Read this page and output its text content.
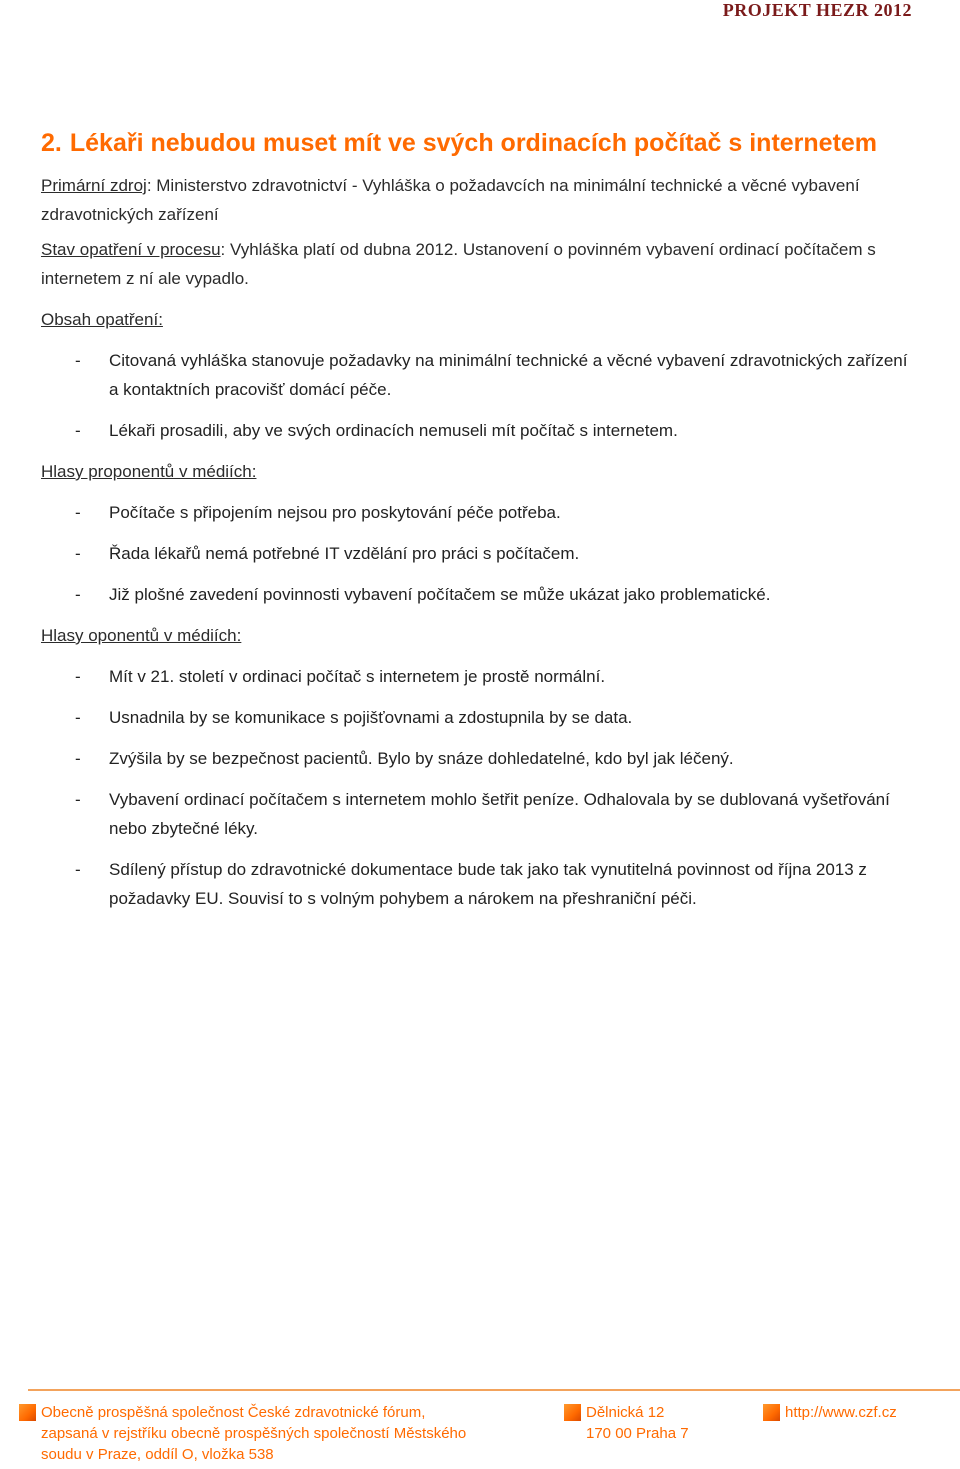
PROJEKT HEZR 2012
2. Lékaři nebudou muset mít ve svých ordinacích počítač s internetem
Primární zdroj: Ministerstvo zdravotnictví - Vyhláška o požadavcích na minimální technické a věcné vybavení zdravotnických zařízení
Stav opatření v procesu: Vyhláška platí od dubna 2012. Ustanovení o povinném vybavení ordinací počítačem s internetem z ní ale vypadlo.
Obsah opatření:
- Citovaná vyhláška stanovuje požadavky na minimální technické a věcné vybavení zdravotnických zařízení a kontaktních pracovišť domácí péče.
- Lékaři prosadili, aby ve svých ordinacích nemuseli mít počítač s internetem.
Hlasy proponentů v médiích:
- Počítače s připojením nejsou pro poskytování péče potřeba.
- Řada lékařů nemá potřebné IT vzdělání pro práci s počítačem.
- Již plošné zavedení povinnosti vybavení počítačem se může ukázat jako problematické.
Hlasy oponentů v médiích:
- Mít v 21. století v ordinaci počítač s internetem je prostě normální.
- Usnadnila by se komunikace s pojišťovnami a zdostupnila by se data.
- Zvýšila by se bezpečnost pacientů. Bylo by snáze dohledatelné, kdo byl jak léčený.
- Vybavení ordinací počítačem s internetem mohlo šetřit peníze. Odhalovala by se dublovaná vyšetřování nebo zbytečné léky.
- Sdílený přístup do zdravotnické dokumentace bude tak jako tak vynutitelná povinnost od října 2013 z požadavky EU. Souvisí to s volným pohybem a nárokem na přeshraniční péči.
Obecně prospěšná společnost České zdravotnické fórum,
zapsaná v rejstříku obecně prospěšných společností Městského
soudu v Praze, oddíl O, vložka 538
Dělnická 12
170 00 Praha 7
http://www.czf.cz
